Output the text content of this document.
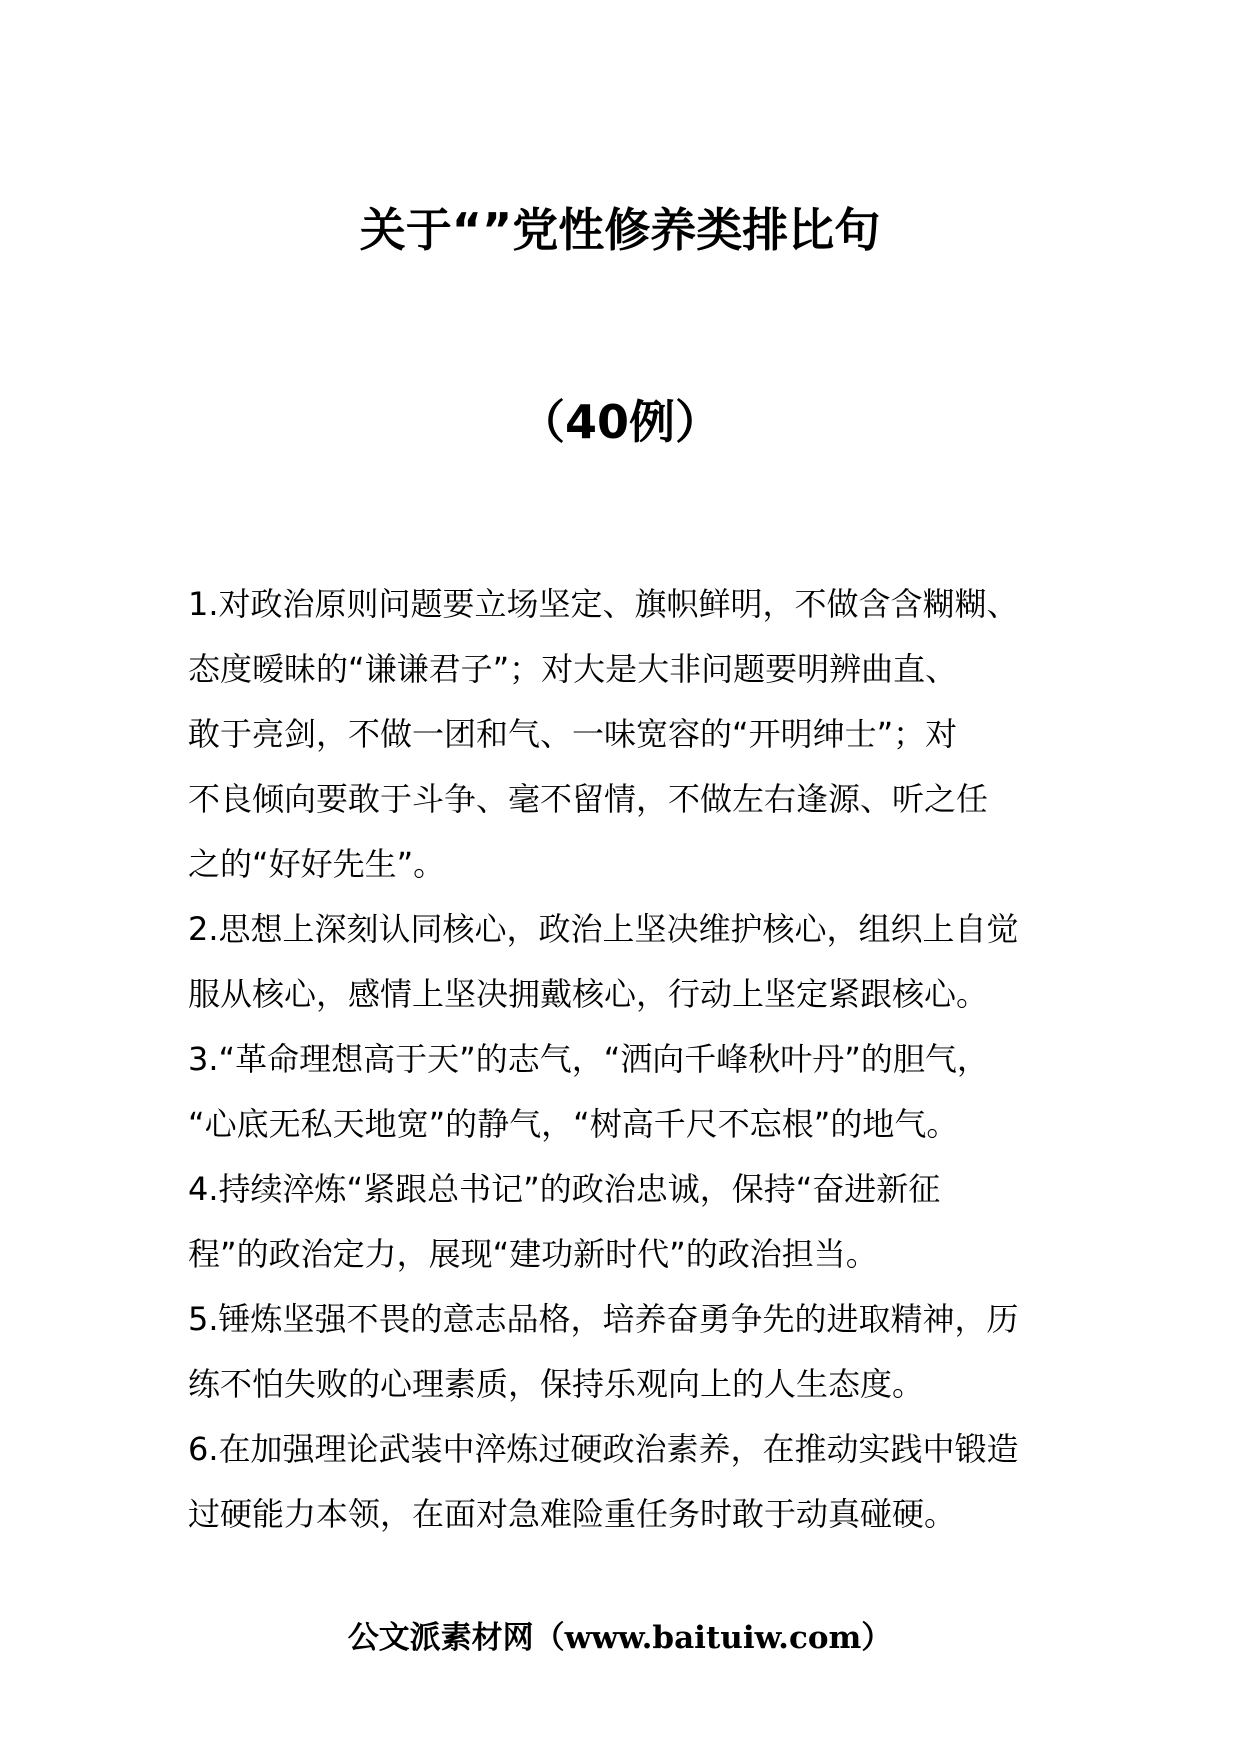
关于“”党性修养类排比句
（40例）

1.对政治原则问题要立场坚定、旗帜鲜明，不做含含糊糊、
态度暧昧的“谦谦君子”；对大是大非问题要明辨曲直、
敢于亮剑，不做一团和气、一味宽容的“开明绅士”；对
不良倾向要敢于斗争、毫不留情，不做左右逢源、听之任
之的“好好先生”。

2.思想上深刻认同核心，政治上坚决维护核心，组织上自觉
服从核心，感情上坚决拥戴核心，行动上坚定紧跟核心。

3.“革命理想高于天”的志气，“洒向千峰秋叶丹”的胆气，
“心底无私天地宽”的静气，“树高千尺不忘根”的地气。

4.持续淬炼“紧跟总书记”的政治忠诚，保持“奋进新征
程”的政治定力，展现“建功新时代”的政治担当。

5.锤炼坚强不畏的意志品格，培养奋勇争先的进取精神，历
练不怕失败的心理素质，保持乐观向上的人生态度。

6.在加强理论武装中淬炼过硬政治素养，在推动实践中锻造
过硬能力本领，在面对急难险重任务时敢于动真碰硬。

公文派素材网（www.baituiw.com）
